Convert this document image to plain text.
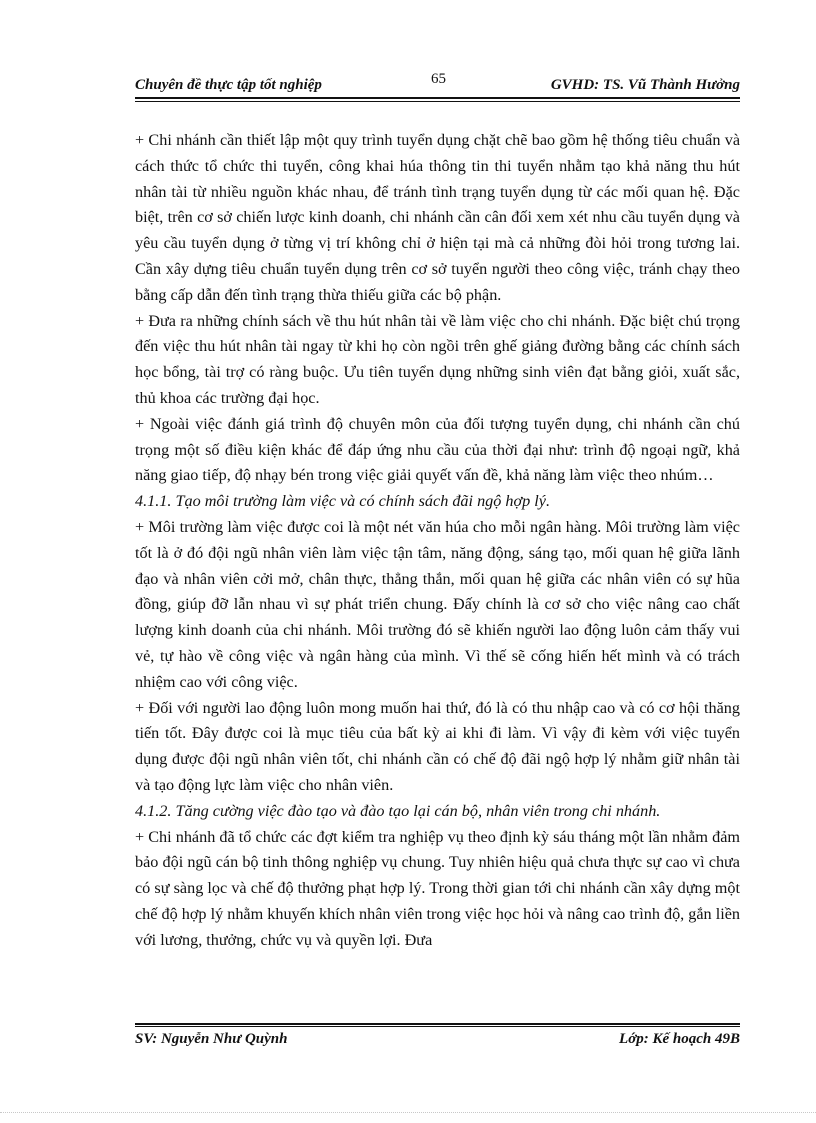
Chuyên đề thực tập tốt nghiệp	65	GVHD: TS. Vũ Thành Hưởng

+ Chi nhánh cần thiết lập một quy trình tuyển dụng chặt chẽ bao gồm hệ thống tiêu chuẩn và cách thức tổ chức thi tuyển, công khai húa thông tin thi tuyển nhằm tạo khả năng thu hút nhân tài từ nhiều nguồn khác nhau, để tránh tình trạng tuyển dụng từ các mối quan hệ. Đặc biệt, trên cơ sở chiến lược kinh doanh, chi nhánh cần cân đối xem xét nhu cầu tuyển dụng và yêu cầu tuyển dụng ở từng vị trí không chỉ ở hiện tại mà cả những đòi hỏi trong tương lai. Cần xây dựng tiêu chuẩn tuyển dụng trên cơ sở tuyển người theo công việc, tránh chạy theo bằng cấp dẫn đến tình trạng thừa thiếu giữa các bộ phận.

+ Đưa ra những chính sách về thu hút nhân tài về làm việc cho chi nhánh. Đặc biệt chú trọng đến việc thu hút nhân tài ngay từ khi họ còn ngồi trên ghế giảng đường bằng các chính sách học bổng, tài trợ có ràng buộc. Ưu tiên tuyển dụng những sinh viên đạt bằng giỏi, xuất sắc, thủ khoa các trường đại học.

+ Ngoài việc đánh giá trình độ chuyên môn của đối tượng tuyển dụng, chi nhánh cần chú trọng một số điều kiện khác để đáp ứng nhu cầu của thời đại như: trình độ ngoại ngữ, khả năng giao tiếp, độ nhạy bén trong việc giải quyết vấn đề, khả năng làm việc theo nhúm…

4.1.1. Tạo môi trường làm việc và có chính sách đãi ngộ hợp lý.

+ Môi trường làm việc được coi là một nét văn húa cho mỗi ngân hàng. Môi trường làm việc tốt là ở đó đội ngũ nhân viên làm việc tận tâm, năng động, sáng tạo, mối quan hệ giữa lãnh đạo và nhân viên cởi mở, chân thực, thẳng thắn, mối quan hệ giữa các nhân viên có sự hũa đồng, giúp đỡ lẫn nhau vì sự phát triển chung. Đấy chính là cơ sở cho việc nâng cao chất lượng kinh doanh của chi nhánh. Môi trường đó sẽ khiến người lao động luôn cảm thấy vui vẻ, tự hào về công việc và ngân hàng của mình. Vì thế sẽ cống hiến hết mình và có trách nhiệm cao với công việc.

+ Đối với người lao động luôn mong muốn hai thứ, đó là có thu nhập cao và có cơ hội thăng tiến tốt. Đây được coi là mục tiêu của bất kỳ ai khi đi làm. Vì vậy đi kèm với việc tuyển dụng được đội ngũ nhân viên tốt, chi nhánh cần có chế độ đãi ngộ hợp lý nhằm giữ nhân tài và tạo động lực làm việc cho nhân viên.

4.1.2. Tăng cường việc đào tạo và đào tạo lại cán bộ, nhân viên trong chi nhánh.

+ Chi nhánh đã tổ chức các đợt kiểm tra nghiệp vụ theo định kỳ sáu tháng một lần nhằm đảm bảo đội ngũ cán bộ tinh thông nghiệp vụ chung. Tuy nhiên hiệu quả chưa thực sự cao vì chưa có sự sàng lọc và chế độ thưởng phạt hợp lý. Trong thời gian tới chi nhánh cần xây dựng một chế độ hợp lý nhằm khuyến khích nhân viên trong việc học hỏi và nâng cao trình độ, gắn liền với lương, thưởng, chức vụ và quyền lợi. Đưa

SV: Nguyễn Như Quỳnh	Lớp: Kế hoạch 49B
